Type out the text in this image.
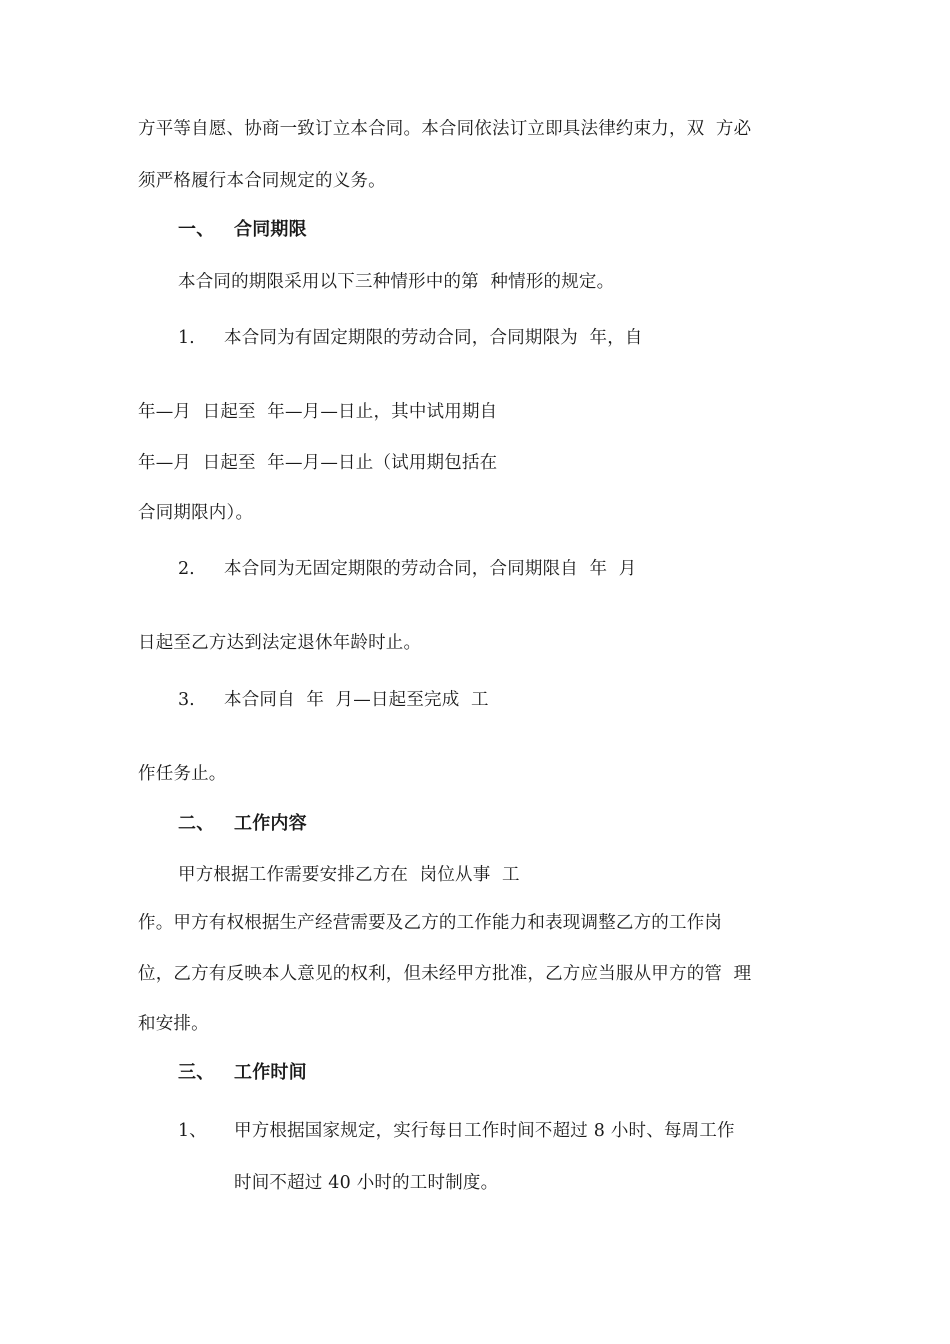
方平等自愿、协商一致订立本合同。本合同依法订立即具法律约束力，双  方必
须严格履行本合同规定的义务。
一、 合同期限
本合同的期限采用以下三种情形中的第  种情形的规定。
1. 本合同为有固定期限的劳动合同，合同期限为  年，自
年—月  日起至  年—月—日止，其中试用期自
年—月  日起至  年—月—日止（试用期包括在
合同期限内）。
2. 本合同为无固定期限的劳动合同，合同期限自  年  月
日起至乙方达到法定退休年龄时止。
3. 本合同自  年  月—日起至完成  工
作任务止。
二、 工作内容
甲方根据工作需要安排乙方在  岗位从事  工
作。甲方有权根据生产经营需要及乙方的工作能力和表现调整乙方的工作岗
位，乙方有反映本人意见的权利，但未经甲方批准，乙方应当服从甲方的管  理
和安排。
三、 工作时间
1、 甲方根据国家规定，实行每日工作时间不超过 8 小时、每周工作
时间不超过 40 小时的工时制度。
